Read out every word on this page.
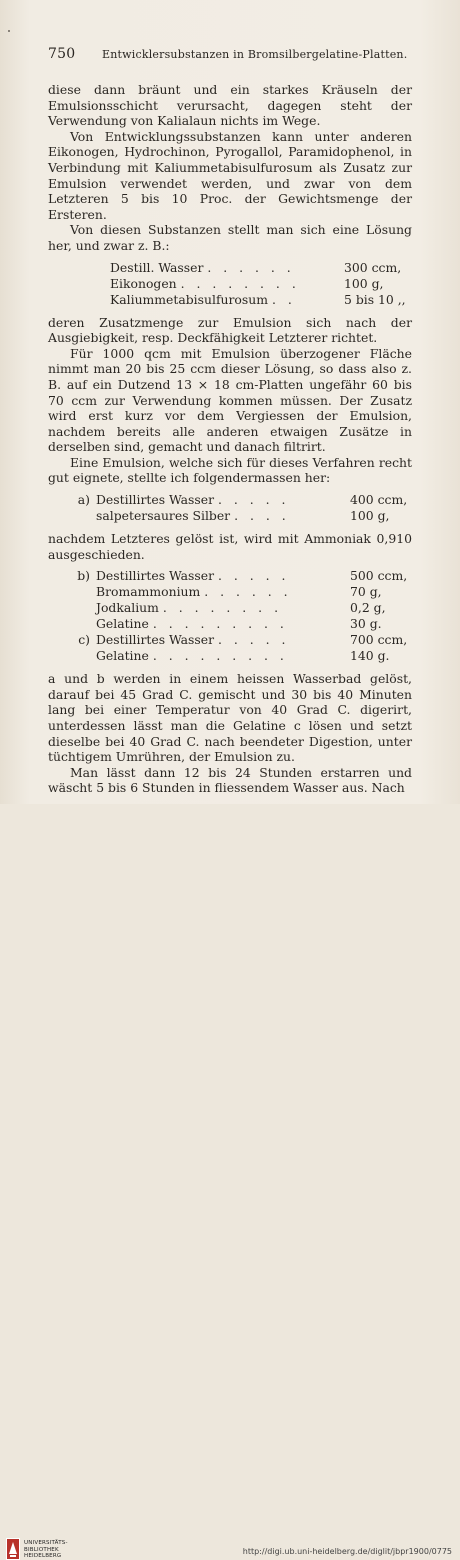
750 Entwicklersubstanzen in Bromsilbergelatine-Platten.

diese dann bräunt und ein starkes Kräuseln der Emulsionsschicht verursacht, dagegen steht der Verwendung von Kalialaun nichts im Wege.

Von Entwicklungssubstanzen kann unter anderen Eikonogen, Hydrochinon, Pyrogallol, Paramidophenol, in Verbindung mit Kaliummetabisulfurosum als Zusatz zur Emulsion verwendet werden, und zwar von dem Letzteren 5 bis 10 Proc. der Gewichtsmenge der Ersteren.

Von diesen Substanzen stellt man sich eine Lösung her, und zwar z. B.:

Destill. Wasser . . . . . .	300 ccm,
Eikonogen . . . . . . . .	100 g,
Kaliummetabisulfurosum . .	5 bis 10 ,,

deren Zusatzmenge zur Emulsion sich nach der Ausgiebigkeit, resp. Deckfähigkeit Letzterer richtet.

Für 1000 qcm mit Emulsion überzogener Fläche nimmt man 20 bis 25 ccm dieser Lösung, so dass also z. B. auf ein Dutzend 13 × 18 cm-Platten ungefähr 60 bis 70 ccm zur Verwendung kommen müssen. Der Zusatz wird erst kurz vor dem Vergiessen der Emulsion, nachdem bereits alle anderen etwaigen Zusätze in derselben sind, gemacht und danach filtrirt.

Eine Emulsion, welche sich für dieses Verfahren recht gut eignete, stellte ich folgendermassen her:

a) Destillirtes Wasser . . . . .	400 ccm,
salpetersaures Silber . . . .	100 g,

nachdem Letzteres gelöst ist, wird mit Ammoniak 0,910 ausgeschieden.

b) Destillirtes Wasser . . . . .	500 ccm,
Bromammonium . . . . . .	70 g,
Jodkalium . . . . . . . .	0,2 g,
Gelatine . . . . . . . . .	30 g.
c) Destillirtes Wasser . . . . .	700 ccm,
Gelatine . . . . . . . . .	140 g.

a und b werden in einem heissen Wasserbad gelöst, darauf bei 45 Grad C. gemischt und 30 bis 40 Minuten lang bei einer Temperatur von 40 Grad C. digerirt, unterdessen lässt man die Gelatine c lösen und setzt dieselbe bei 40 Grad C. nach beendeter Digestion, unter tüchtigem Umrühren, der Emulsion zu.

Man lässt dann 12 bis 24 Stunden erstarren und wäscht 5 bis 6 Stunden in fliessendem Wasser aus. Nach

UNIVERSITÄTS-
BIBLIOTHEK
HEIDELBERG	http://digi.ub.uni-heidelberg.de/diglit/jbpr1900/0775
